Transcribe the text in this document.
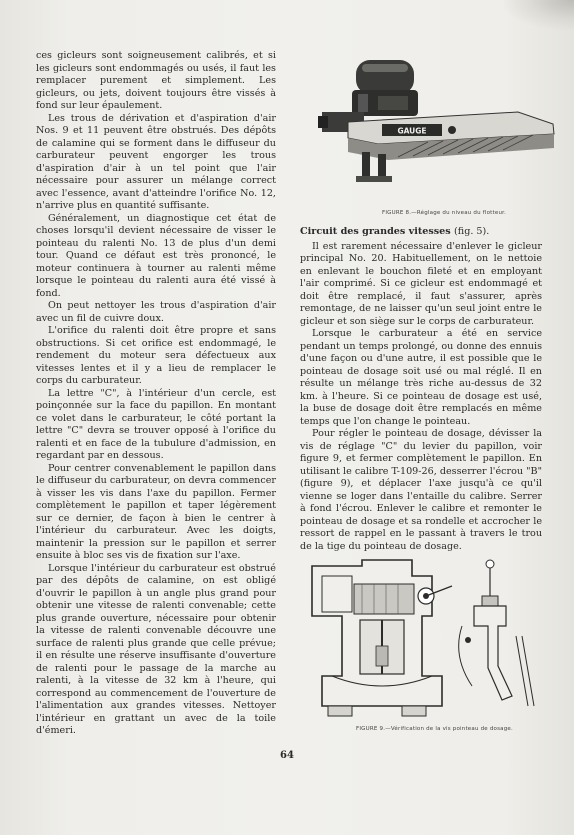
ces gicleurs sont soigneusement calibrés, et si les gicleurs sont endommagés ou usés, il faut les remplacer purement et simplement. Les gicleurs, ou jets, doivent toujours être vissés à fond sur leur épaulement.

Les trous de dérivation et d'aspiration d'air Nos. 9 et 11 peuvent être obstrués. Des dépôts de calamine qui se forment dans le diffuseur du carburateur peuvent engorger les trous d'aspiration d'air à un tel point que l'air nécessaire pour assurer un mélange correct avec l'essence, avant d'atteindre l'orifice No. 12, n'arrive plus en quantité suffisante.

Généralement, un diagnostique cet état de choses lorsqu'il devient nécessaire de visser le pointeau du ralenti No. 13 de plus d'un demi tour. Quand ce défaut est très prononcé, le moteur continuera à tourner au ralenti même lorsque le pointeau du ralenti aura été vissé à fond.

On peut nettoyer les trous d'aspiration d'air avec un fil de cuivre doux.

L'orifice du ralenti doit être propre et sans obstructions. Si cet orifice est endommagé, le rendement du moteur sera défectueux aux vitesses lentes et il y a lieu de remplacer le corps du carburateur.

La lettre "C", à l'intérieur d'un cercle, est poinçonnée sur la face du papillon. En montant ce volet dans le carburateur, le côté portant la lettre "C" devra se trouver opposé à l'orifice du ralenti et en face de la tubulure d'admission, en regardant par en dessous.

Pour centrer convenablement le papillon dans le diffuseur du carburateur, on devra commencer à visser les vis dans l'axe du papillon. Fermer complètement le papillon et taper légèrement sur ce dernier, de façon à bien le centrer à l'intérieur du carburateur. Avec les doigts, maintenir la pression sur le papillon et serrer ensuite à bloc ses vis de fixation sur l'axe.

Lorsque l'intérieur du carburateur est obstrué par des dépôts de calamine, on est obligé d'ouvrir le papillon à un angle plus grand pour obtenir une vitesse de ralenti convenable; cette plus grande ouverture, nécessaire pour obtenir la vitesse de ralenti convenable découvre une surface de ralenti plus grande que celle prévue; il en résulte une réserve insuffisante d'ouverture de ralenti pour le passage de la marche au ralenti, à la vitesse de 32 km à l'heure, qui correspond au commencement de l'ouverture de l'alimentation aux grandes vitesses. Nettoyer l'intérieur en grattant un avec de la toile d'émeri.

GAUGE
FIGURE 8.—Réglage du niveau du flotteur.

Circuit des grandes vitesses (fig. 5).

Il est rarement nécessaire d'enlever le gicleur principal No. 20. Habituellement, on le nettoie en enlevant le bouchon fileté et en employant l'air comprimé. Si ce gicleur est endommagé et doit être remplacé, il faut s'assurer, après remontage, de ne laisser qu'un seul joint entre le gicleur et son siège sur le corps de carburateur.

Lorsque le carburateur a été en service pendant un temps prolongé, ou donne des ennuis d'une façon ou d'une autre, il est possible que le pointeau de dosage soit usé ou mal réglé. Il en résulte un mélange très riche au-dessus de 32 km. à l'heure. Si ce pointeau de dosage est usé, la buse de dosage doit être remplacés en même temps que l'on change le pointeau.

Pour régler le pointeau de dosage, dévisser la vis de réglage "C" du levier du papillon, voir figure 9, et fermer complètement le papillon. En utilisant le calibre T-109-26, desserrer l'écrou "B" (figure 9), et déplacer l'axe jusqu'à ce qu'il vienne se loger dans l'entaille du calibre. Serrer à fond l'écrou. Enlever le calibre et remonter le pointeau de dosage et sa rondelle et accrocher le ressort de rappel en le passant à travers le trou de la tige du pointeau de dosage.

FIGURE 9.—Vérification de la vis pointeau de dosage.
64
